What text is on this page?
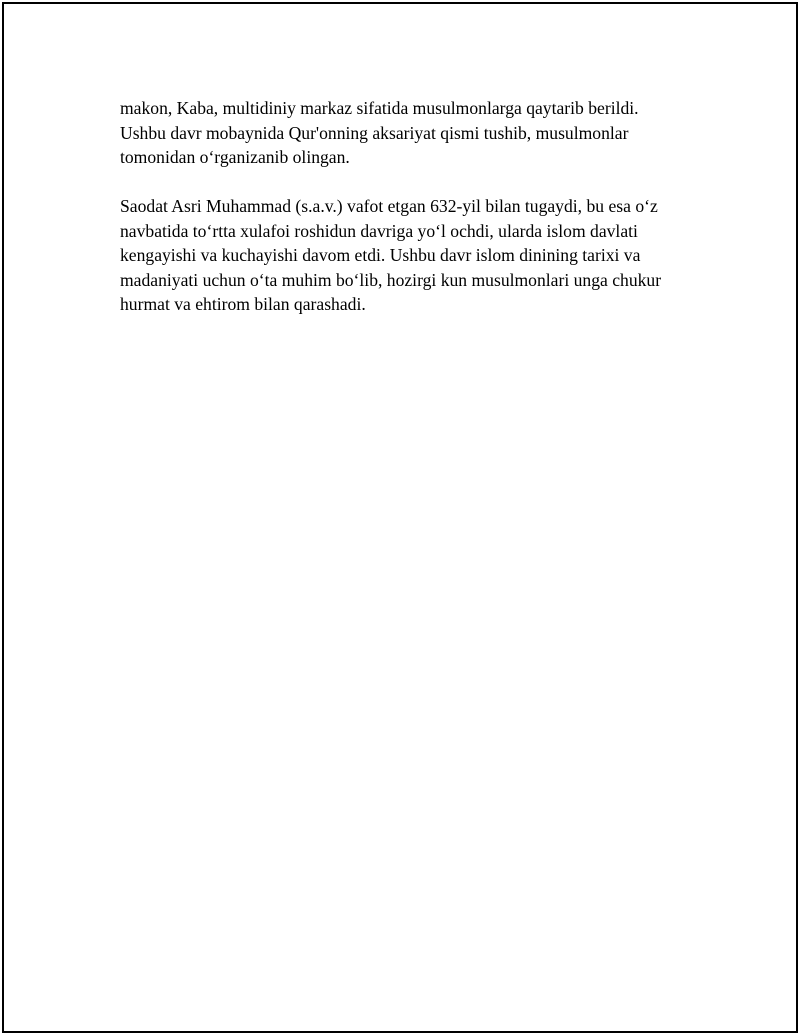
makon, Kaba, multidiniy markaz sifatida musulmonlarga qaytarib berildi.
Ushbu davr mobaynida Qur'onning aksariyat qismi tushib, musulmonlar
tomonidan oʻrganizanib olingan.

Saodat Asri Muhammad (s.a.v.) vafot etgan 632-yil bilan tugaydi, bu esa oʻz
navbatida toʻrtta xulafoi roshidun davriga yoʻl ochdi, ularda islom davlati
kengayishi va kuchayishi davom etdi. Ushbu davr islom dinining tarixi va
madaniyati uchun oʻta muhim boʻlib, hozirgi kun musulmonlari unga chukur
hurmat va ehtirom bilan qarashadi.
